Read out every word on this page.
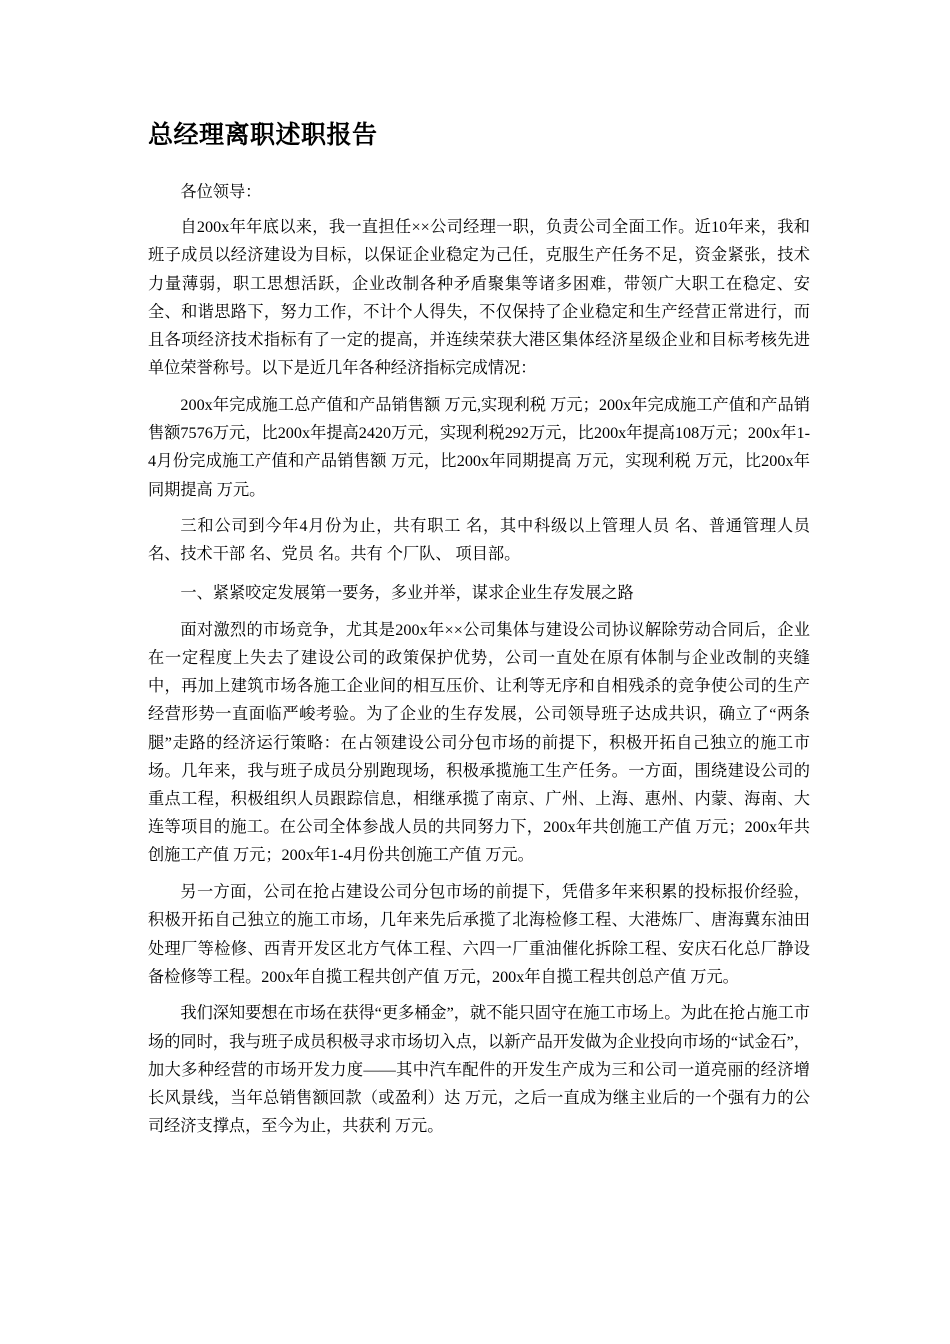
总经理离职述职报告

各位领导：

自200x年年底以来，我一直担任××公司经理一职，负责公司全面工作。近10年来，我和班子成员以经济建设为目标，以保证企业稳定为己任，克服生产任务不足，资金紧张，技术力量薄弱，职工思想活跃，企业改制各种矛盾聚集等诸多困难，带领广大职工在稳定、安全、和谐思路下，努力工作，不计个人得失，不仅保持了企业稳定和生产经营正常进行，而且各项经济技术指标有了一定的提高，并连续荣获大港区集体经济星级企业和目标考核先进单位荣誉称号。以下是近几年各种经济指标完成情况：

200x年完成施工总产值和产品销售额 万元,实现利税 万元；200x年完成施工产值和产品销售额7576万元，比200x年提高2420万元，实现利税292万元，比200x年提高108万元；200x年1-4月份完成施工产值和产品销售额 万元，比200x年同期提高 万元，实现利税 万元，比200x年同期提高 万元。

三和公司到今年4月份为止，共有职工 名，其中科级以上管理人员 名、普通管理人员 名、技术干部 名、党员 名。共有 个厂队、 项目部。

一、紧紧咬定发展第一要务，多业并举，谋求企业生存发展之路

面对激烈的市场竞争，尤其是200x年××公司集体与建设公司协议解除劳动合同后，企业在一定程度上失去了建设公司的政策保护优势，公司一直处在原有体制与企业改制的夹缝中，再加上建筑市场各施工企业间的相互压价、让利等无序和自相残杀的竞争使公司的生产经营形势一直面临严峻考验。为了企业的生存发展，公司领导班子达成共识，确立了“两条腿”走路的经济运行策略：在占领建设公司分包市场的前提下，积极开拓自己独立的施工市场。几年来，我与班子成员分别跑现场，积极承揽施工生产任务。一方面，围绕建设公司的重点工程，积极组织人员跟踪信息，相继承揽了南京、广州、上海、惠州、内蒙、海南、大连等项目的施工。在公司全体参战人员的共同努力下，200x年共创施工产值 万元；200x年共创施工产值 万元；200x年1-4月份共创施工产值 万元。

另一方面，公司在抢占建设公司分包市场的前提下，凭借多年来积累的投标报价经验，积极开拓自己独立的施工市场，几年来先后承揽了北海检修工程、大港炼厂、唐海冀东油田处理厂等检修、西青开发区北方气体工程、六四一厂重油催化拆除工程、安庆石化总厂静设备检修等工程。200x年自揽工程共创产值 万元，200x年自揽工程共创总产值 万元。

我们深知要想在市场在获得“更多桶金”，就不能只固守在施工市场上。为此在抢占施工市场的同时，我与班子成员积极寻求市场切入点，以新产品开发做为企业投向市场的“试金石”，加大多种经营的市场开发力度——其中汽车配件的开发生产成为三和公司一道亮丽的经济增长风景线，当年总销售额回款（或盈利）达 万元，之后一直成为继主业后的一个强有力的公司经济支撑点，至今为止，共获利 万元。
